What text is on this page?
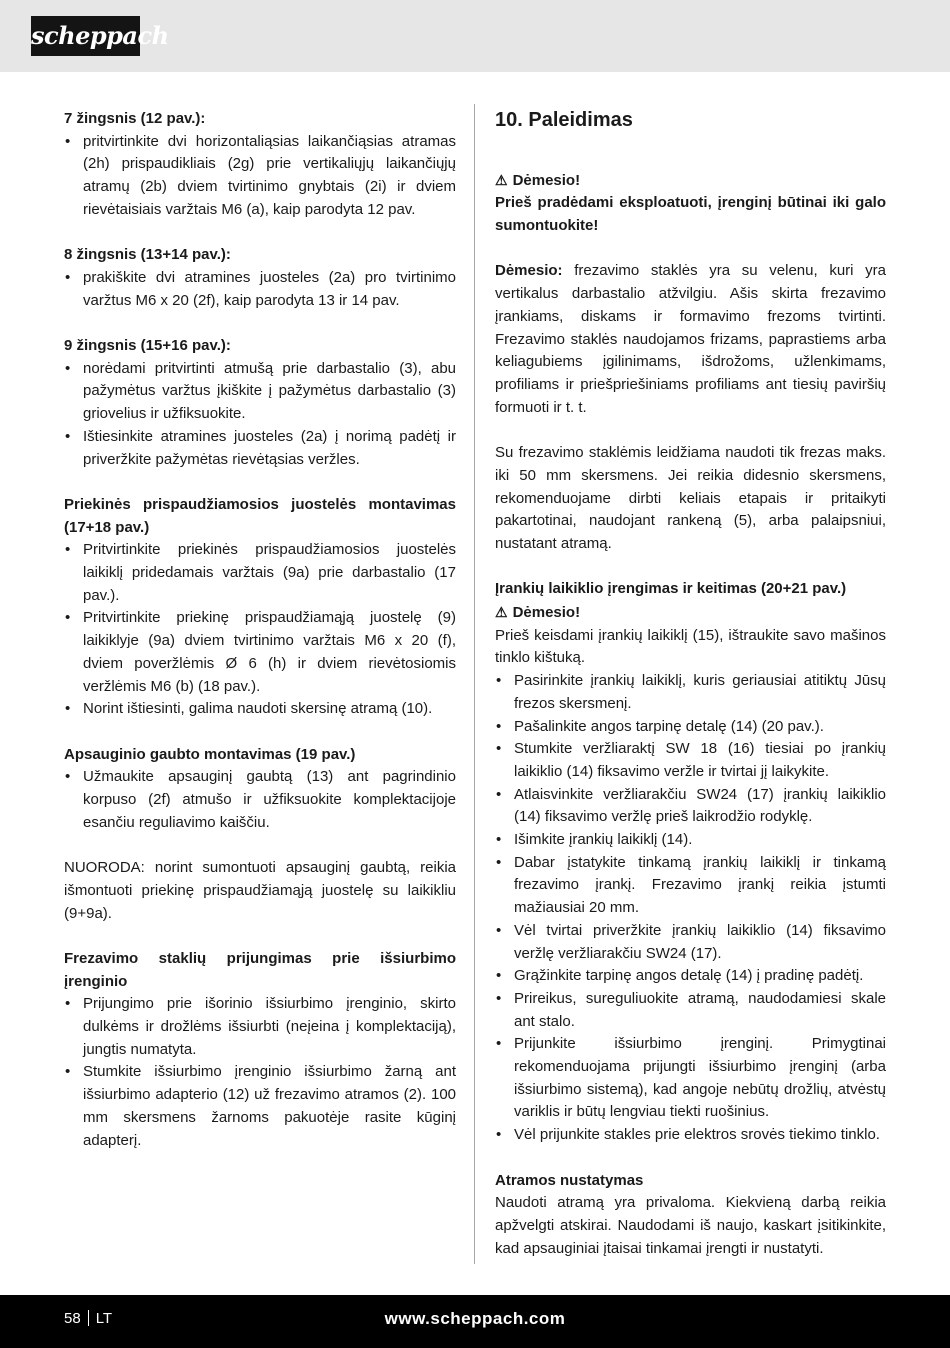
scheppach
7 žingsnis (12 pav.):
• pritvirtinkite dvi horizontaliąsias laikančiąsias atramas (2h) prispaudikliais (2g) prie vertikaliųjų laikančiųjų atramų (2b) dviem tvirtinimo gnybtais (2i) ir dviem rievėtaisiais varžtais M6 (a), kaip parodyta 12 pav.
8 žingsnis (13+14 pav.):
• prakiškite dvi atramines juosteles (2a) pro tvirtinimo varžtus M6 x 20 (2f), kaip parodyta 13 ir 14 pav.
9 žingsnis (15+16 pav.):
• norėdami pritvirtinti atmušą prie darbastalio (3), abu pažymėtus varžtus įkiškite į pažymėtus darbastalio (3) griovelius ir užfiksuokite.
• Ištiesinkite atramines juosteles (2a) į norimą padėtį ir priveržkite pažymėtas rievėtąsias veržles.
Priekinės prispaudžiamosios juostelės montavimas (17+18 pav.)
• Pritvirtinkite priekinės prispaudžiamosios juostelės laikiklį pridedamais varžtais (9a) prie darbastalio (17 pav.).
• Pritvirtinkite priekinę prispaudžiamąją juostelę (9) laikiklyje (9a) dviem tvirtinimo varžtais M6 x 20 (f), dviem poveržlėmis Ø 6 (h) ir dviem rievėtosiomis veržlėmis M6 (b) (18 pav.).
• Norint ištiesinti, galima naudoti skersinę atramą (10).
Apsauginio gaubto montavimas (19 pav.)
• Užmaukite apsauginį gaubtą (13) ant pagrindinio korpuso (2f) atmušo ir užfiksuokite komplektacijoje esančiu reguliavimo kaiščiu.
NUORODA: norint sumontuoti apsauginį gaubtą, reikia išmontuoti priekinę prispaudžiamąją juostelę su laikikliu (9+9a).
Frezavimo staklių prijungimas prie išsiurbimo įrenginio
• Prijungimo prie išorinio išsiurbimo įrenginio, skirto dulkėms ir drožlėms išsiurbti (neįeina į komplektaciją), jungtis numatyta.
• Stumkite išsiurbimo įrenginio išsiurbimo žarną ant išsiurbimo adapterio (12) už frezavimo atramos (2). 100 mm skersmens žarnoms pakuotėje rasite kūginį adapterį.
10. Paleidimas
⚠ Dėmesio!
Prieš pradėdami eksploatuoti, įrenginį būtinai iki galo sumontuokite!
Dėmesio: frezavimo staklės yra su velenu, kuri yra vertikalus darbastalio atžvilgiu. Ašis skirta frezavimo įrankiams, diskams ir formavimo frezoms tvirtinti. Frezavimo staklės naudojamos frizams, paprastiems arba keliagubiems įgilinimams, išdrožoms, užlenkimams, profiliams ir priešpriešiniams profiliams ant tiesių paviršių formuoti ir t. t.
Su frezavimo staklėmis leidžiama naudoti tik frezas maks. iki 50 mm skersmens. Jei reikia didesnio skersmens, rekomenduojame dirbti keliais etapais ir pritaikyti pakartotinai, naudojant rankeną (5), arba palaipsniui, nustatant atramą.
Įrankių laikiklio įrengimas ir keitimas (20+21 pav.)
⚠ Dėmesio!
Prieš keisdami įrankių laikiklį (15), ištraukite savo mašinos tinklo kištuką.
• Pasirinkite įrankių laikiklį, kuris geriausiai atitiktų Jūsų frezos skersmenį.
• Pašalinkite angos tarpinę detalę (14) (20 pav.).
• Stumkite veržliaraktį SW 18 (16) tiesiai po įrankių laikiklio (14) fiksavimo veržle ir tvirtai jį laikykite.
• Atlaisvinkite veržliarakčiu SW24 (17) įrankių laikiklio (14) fiksavimo veržlę prieš laikrodžio rodyklę.
• Išimkite įrankių laikiklį (14).
• Dabar įstatykite tinkamą įrankių laikiklį ir tinkamą frezavimo įrankį. Frezavimo įrankį reikia įstumti mažiausiai 20 mm.
• Vėl tvirtai priveržkite įrankių laikiklio (14) fiksavimo veržlę veržliarakčiu SW24 (17).
• Grąžinkite tarpinę angos detalę (14) į pradinę padėtį.
• Prireikus, sureguliuokite atramą, naudodamiesi skale ant stalo.
• Prijunkite išsiurbimo įrenginį. Primygtinai rekomenduojama prijungti išsiurbimo įrenginį (arba išsiurbimo sistemą), kad angoje nebūtų drožlių, atvėstų variklis ir būtų lengviau tiekti ruošinius.
• Vėl prijunkite stakles prie elektros srovės tiekimo tinklo.
Atramos nustatymas
Naudoti atramą yra privaloma. Kiekvieną darbą reikia apžvelgti atskirai. Naudodami iš naujo, kaskart įsitikinkite, kad apsauginiai įtaisai tinkamai įrengti ir nustatyti.
58 LT	www.scheppach.com
